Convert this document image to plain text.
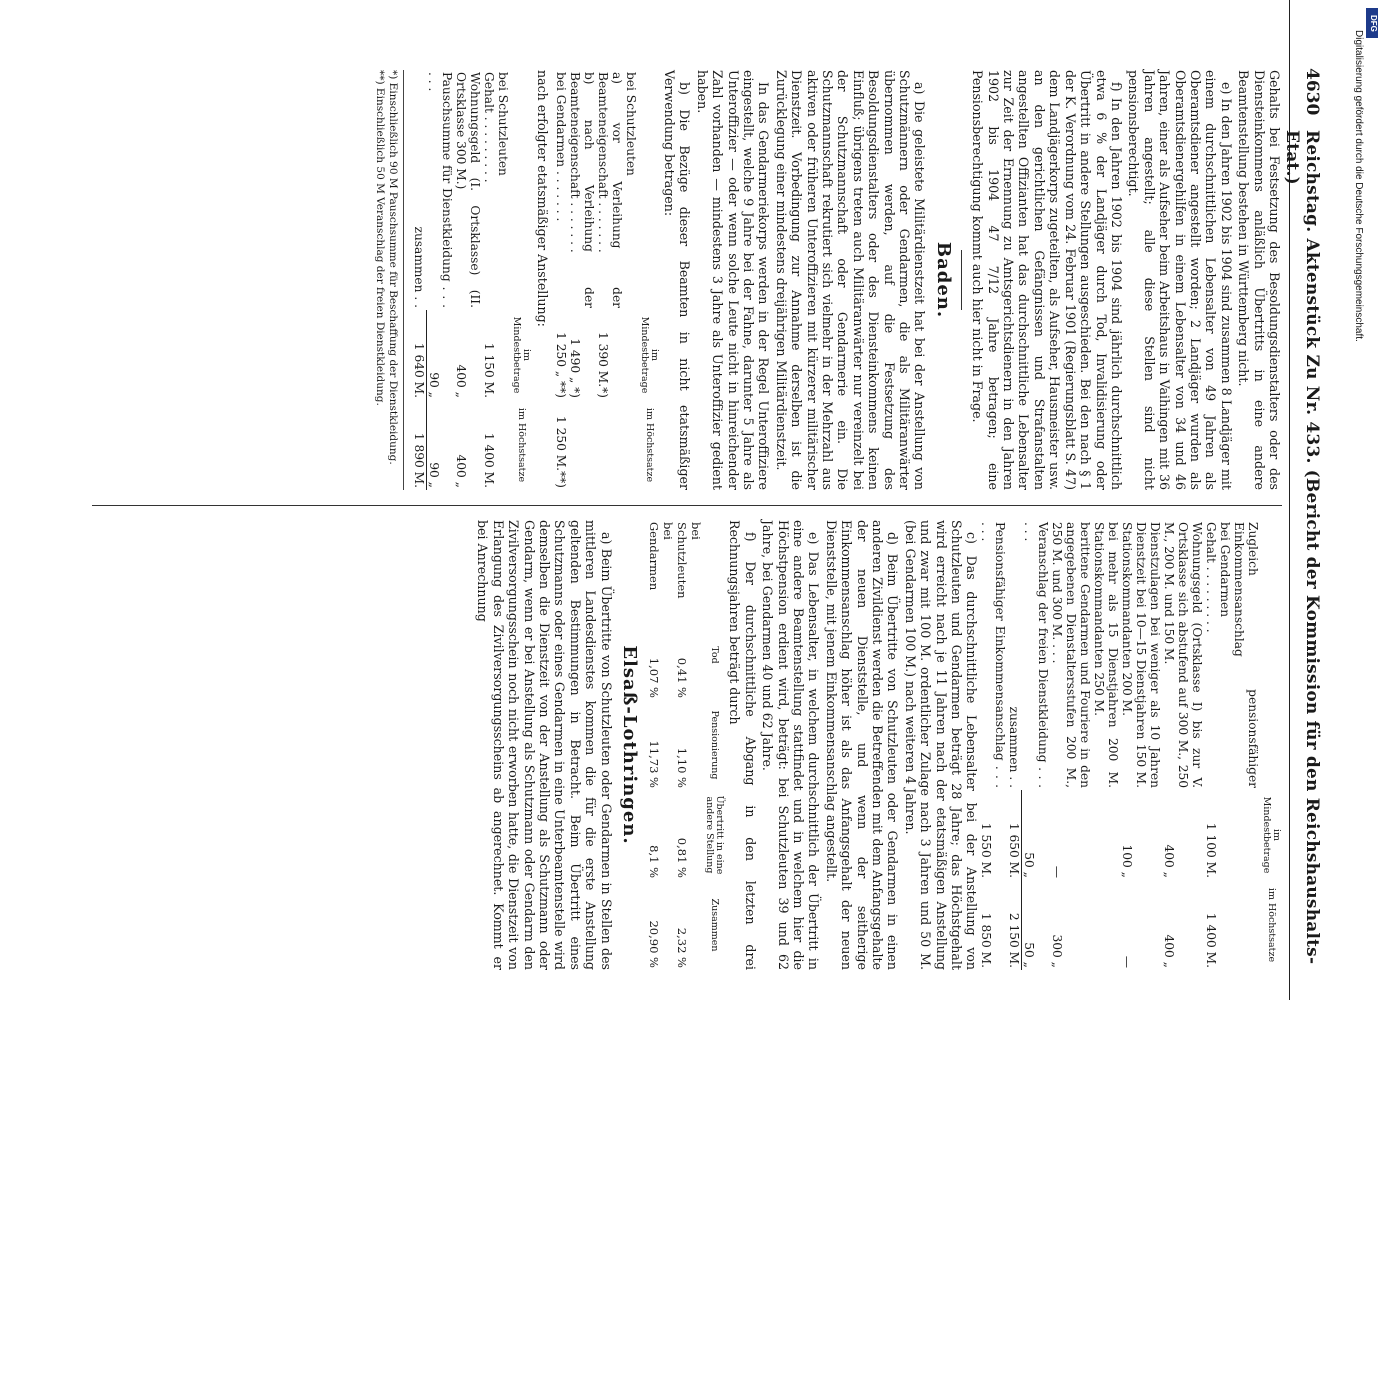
4630
Reichstag. Aktenstück Zu Nr. 433. (Bericht der Kommission für den Reichshaushalts-Etat.)

Gehalts bei Festsetzung des Besoldungsdienstalters oder des Diensteinkommens anläßlich Übertritts in eine andere Beamtenstellung bestehen in Württemberg nicht.

e) In den Jahren 1902 bis 1904 sind zusammen 8 Landjäger mit einem durchschnittlichen Lebensalter von 49 Jahren als Oberamtsdiener angestellt worden; 2 Landjäger wurden als Oberamtsdienergehilfen in einem Lebensalter von 34 und 46 Jahren, einer als Aufseher beim Arbeitshaus in Vaihingen mit 36 Jahren angestellt; alle diese Stellen sind nicht pensionsberechtigt.

f) In den Jahren 1902 bis 1904 sind jährlich durchschnittlich etwa 6 % der Landjäger durch Tod, Invalidisierung oder Übertritt in andere Stellungen ausgeschieden. Bei den nach § 1 der K. Verordnung vom 24. Februar 1901 (Regierungsblatt S. 47) dem Landjägerkorps zugeteilten, als Aufseher, Hausmeister usw. an den gerichtlichen Gefängnissen und Strafanstalten angestellten Offizianten hat das durchschnittliche Lebensalter zur Zeit der Ernennung zu Amtsgerichtsdienern in den Jahren 1902 bis 1904 47 7/12 Jahre betragen; eine Pensionsberechtigung kommt auch hier nicht in Frage.

Baden.

a) Die geleistete Militärdienstzeit hat bei der Anstellung von Schutzmännern oder Gendarmen, die als Militäranwärter übernommen werden, auf die Festsetzung des Besoldungsdienstalters oder des Diensteinkommens keinen Einfluß; übrigens treten auch Militäranwärter nur vereinzelt bei der Schutzmannschaft oder Gendarmerie ein. Die Schutzmannschaft rekrutiert sich vielmehr in der Mehrzahl aus aktiven oder früheren Unteroffizieren mit kürzerer militärischer Dienstzeit. Vorbedingung zur Annahme derselben ist die Zurücklegung einer mindestens dreijährigen Militärdienstzeit.

In das Gendarmeriekorps werden in der Regel Unteroffiziere eingestellt, welche 9 Jahre bei der Fahne, darunter 5 Jahre als Unteroffizier — oder wenn solche Leute nicht in hinreichender Zahl vorhanden — mindestens 3 Jahre als Unteroffizier gedient haben.

b) Die Bezüge dieser Beamten in nicht etatsmäßiger Verwendung betragen:

	im Mindestbetrage	im Höchstsatze
bei Schutzleuten		
a) vor Verleihung der Beamteneigenschaft . . . . . . .	1 390 M.*)	
b) nach Verleihung der Beamteneigenschaft . . . . . . .	1 490 „ *)	
bei Gendarmen . . . . . . .	1 250 „ **)	1 250 M.**)

nach erfolgter etatsmäßiger Anstellung:

	im Mindestbetrage	im Höchstsatze
bei Schutzleuten		
Gehalt . . . . . . . . .	1 150 M.	1 400 M.
Wohnungsgeld (I. Ortsklasse) (II. Ortsklasse 300 M.)	400 „	400 „
Pauschsumme für Dienstkleidung . . . . . .	90 „	90 „
zusammen . .	1 640 M.	1 890 M.
*) Einschließlich 90 M Pauschsumme für Beschaffung der Dienstkleidung.
**) Einschließlich 50 M Veranschlag der freien Dienstkleidung.
	im Mindestbetrage	im Höchstsatze
Zugleich pensionsfähiger Einkommensanschlag		
bei Gendarmen		
Gehalt . . . . . . . . .	1 100 M.	1 400 M.
Wohnungsgeld (Ortsklasse I) bis zur V. Ortsklasse sich abstufend auf 300 M., 250 M., 200 M. und 150 M.	400 „	400 „
Dienstzulagen bei weniger als 10 Jahren Dienstzeit bei 10—15 Dienstjahren 150 M. Stationskommandanten 200 M.	100 „	—
bei mehr als 15 Dienstjahren 200 M. Stationskommandanten 250 M.		
berittene Gendarmen und Fouriere in den angegebenen Dienstaltersstufen 200 M., 250 M. und 300 M. . . .	—	300 „
Veranschlag der freien Dienstkleidung . . . . . .	50 „	50 „
zusammen . .	1 650 M.	2 150 M.
Pensionsfähiger Einkommensanschlag . . . . . .	1 550 M.	1 850 M.

c) Das durchschnittliche Lebensalter bei der Anstellung von Schutzleuten und Gendarmen beträgt 28 Jahre; das Höchstgehalt wird erreicht nach je 11 Jahren nach der etatsmäßigen Anstellung und zwar mit 100 M. ordentlicher Zulage nach 3 Jahren und 50 M. (bei Gendarmen 100 M.) nach weiteren 4 Jahren.

d) Beim Übertritte von Schutzleuten oder Gendarmen in einen anderen Zivildienst werden die Betreffenden mit dem Anfangsgehalte der neuen Dienststelle, und wenn der seitherige Einkommensanschlag höher ist als das Anfangsgehalt der neuen Dienststelle, mit jenem Einkommensanschlag angestellt.

e) Das Lebensalter, in welchem durchschnittlich der Übertritt in eine andere Beamtenstellung stattfindet und in welchem hier die Höchstpension erdient wird, beträgt: bei Schutzleuten 39 und 62 Jahre, bei Gendarmen 40 und 62 Jahre.

f) Der durchschnittliche Abgang in den letzten drei Rechnungsjahren beträgt durch

	Tod	Pensionierung	Übertritt in eine andere Stellung	Zusammen
bei Schutzleuten	0,41 %	1,10 %	0,81 %	2,32 %
bei Gendarmen	1,07 %	11,73 %	8,1 %	20,90 %
Elsaß-Lothringen.

a) Beim Übertritte von Schutzleuten oder Gendarmen in Stellen des mittleren Landesdienstes kommen die für die erste Anstellung geltenden Bestimmungen in Betracht. Beim Übertritt eines Schutzmanns oder eines Gendarmen in eine Unterbeamtenstelle wird demselben die Dienstzeit von der Anstellung als Schutzmann oder Gendarm, wenn er bei Anstellung als Schutzmann oder Gendarm den Zivilversorgungsschein noch nicht erworben hatte, die Dienstzeit von Erlangung des Zivilversorgungsscheins ab angerechnet. Kommt er bei Anrechnung

Digitalisierung gefördert durch die Deutsche Forschungsgemeinschaft.
DFG
